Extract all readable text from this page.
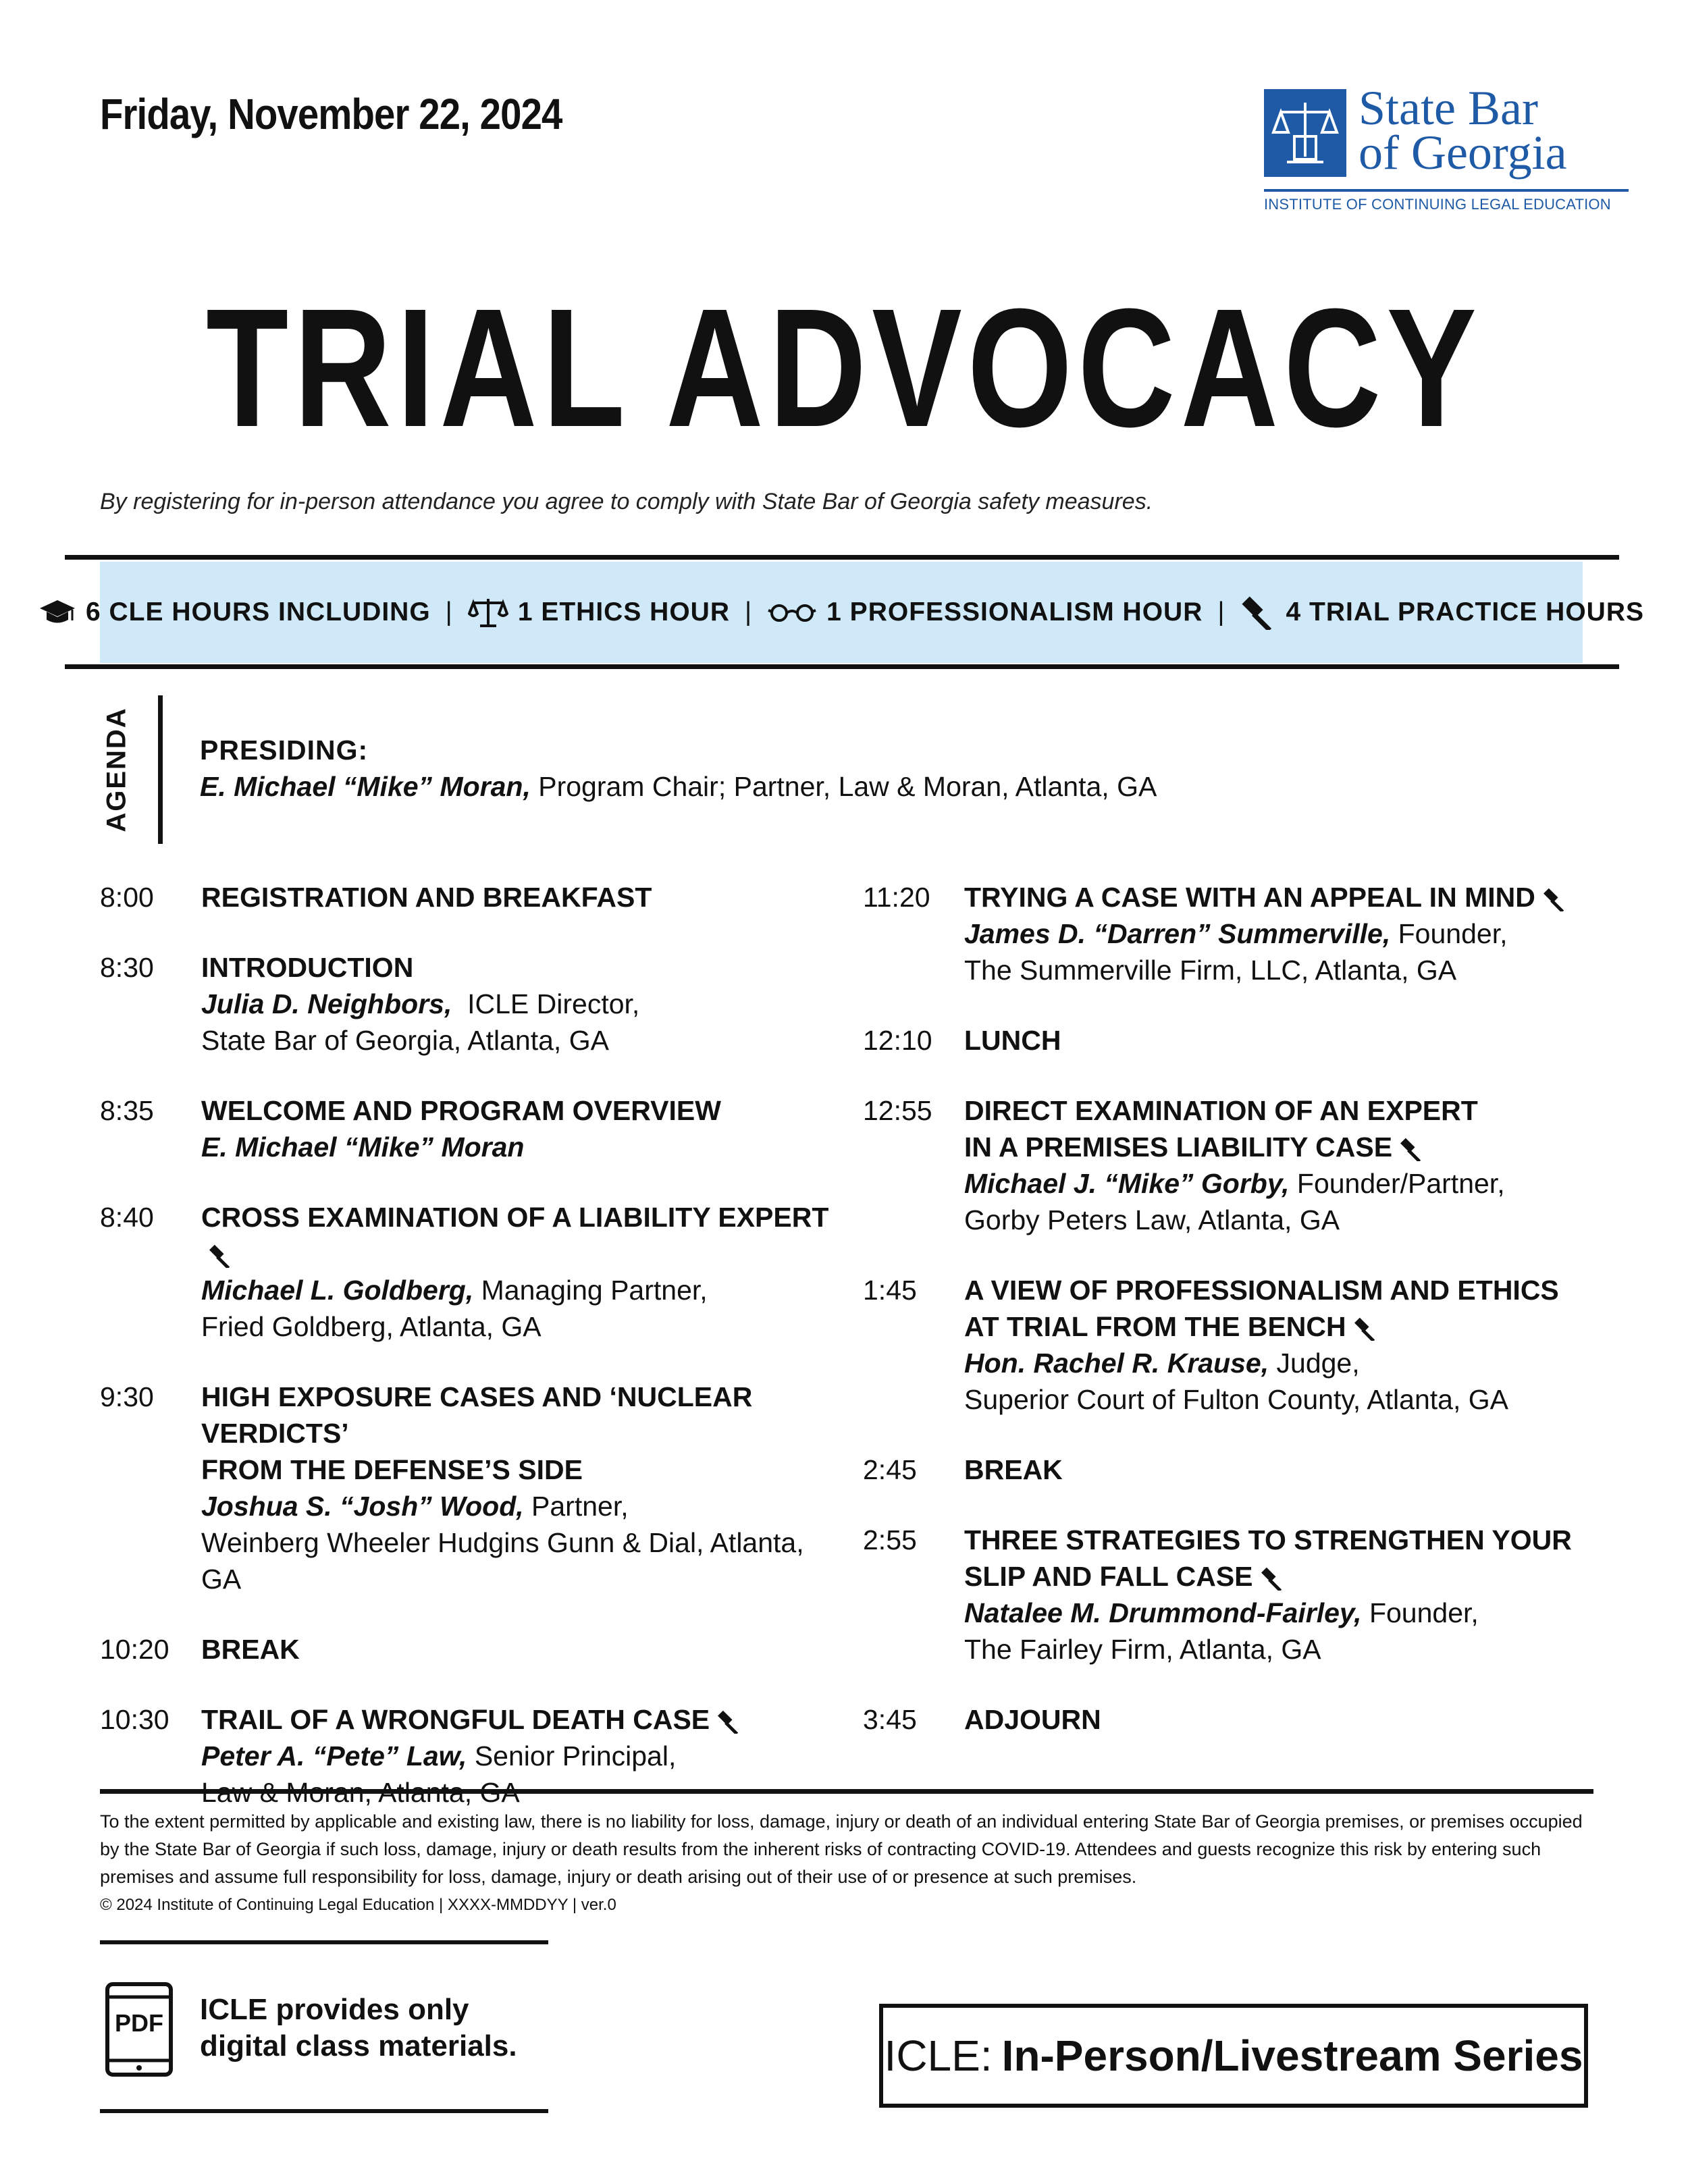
Friday, November 22, 2024	State Bar
of Georgia
INSTITUTE OF CONTINUING LEGAL EDUCATION
TRIAL ADVOCACY
By registering for in-person attendance you agree to comply with State Bar of Georgia safety measures.
6 CLE HOURS INCLUDING | 1 ETHICS HOUR |	1 PROFESSIONALISM HOUR | 4 TRIAL PRACTICE HOURS
AGENDA PRESIDING:
E. Michael “Mike” Moran, Program Chair; Partner, Law & Moran, Atlanta, GA
8:00	REGISTRATION AND BREAKFAST
8:30	INTRODUCTION
Julia D. Neighbors,  ICLE Director,
State Bar of Georgia, Atlanta, GA
8:35	WELCOME AND PROGRAM OVERVIEW
E. Michael “Mike” Moran
8:40	CROSS EXAMINATION OF A LIABILITY EXPERT
Michael L. Goldberg, Managing Partner,
Fried Goldberg, Atlanta, GA
9:30	HIGH EXPOSURE CASES AND ‘NUCLEAR VERDICTS’
FROM THE DEFENSE’S SIDE
Joshua S. “Josh” Wood, Partner,
Weinberg Wheeler Hudgins Gunn & Dial, Atlanta, GA
10:20	BREAK
10:30	TRAIL OF A WRONGFUL DEATH CASE
Peter A. “Pete” Law, Senior Principal,
11:20	TRYING A CASE WITH AN APPEAL IN MIND
James D. “Darren” Summerville, Founder,
The Summerville Firm, LLC, Atlanta, GA
12:10	LUNCH
12:55	DIRECT EXAMINATION OF AN EXPERT
IN A PREMISES LIABILITY CASE
Michael J. “Mike” Gorby, Founder/Partner,
Gorby Peters Law, Atlanta, GA
1:45	A VIEW OF PROFESSIONALISM AND ETHICS
AT TRIAL FROM THE BENCH
Hon. Rachel R. Krause, Judge,
Superior Court of Fulton County, Atlanta, GA
2:45	BREAK
2:55	THREE STRATEGIES TO STRENGTHEN YOUR
SLIP AND FALL CASE
Natalee M. Drummond-Fairley, Founder,
The Fairley Firm, Atlanta, GA
3:45	ADJOURN
To the extent permitted by applicable and existing law, there is no liability for loss, damage, injury or death of an individual entering State Bar of Georgia premises, or premises occupied by the State Bar of Georgia if such loss, damage, injury or death results from the inherent risks of contracting COVID-19. Attendees and guests recognize this risk by entering such premises and assume full responsibility for loss, damage, injury or death arising out of their use of or presence at such premises.
© 2024 Institute of Continuing Legal Education | XXXX-MMDDYY | ver.0
PDF	ICLE provides only
digital class materials.	ICLE: In-Person/Livestream Series
